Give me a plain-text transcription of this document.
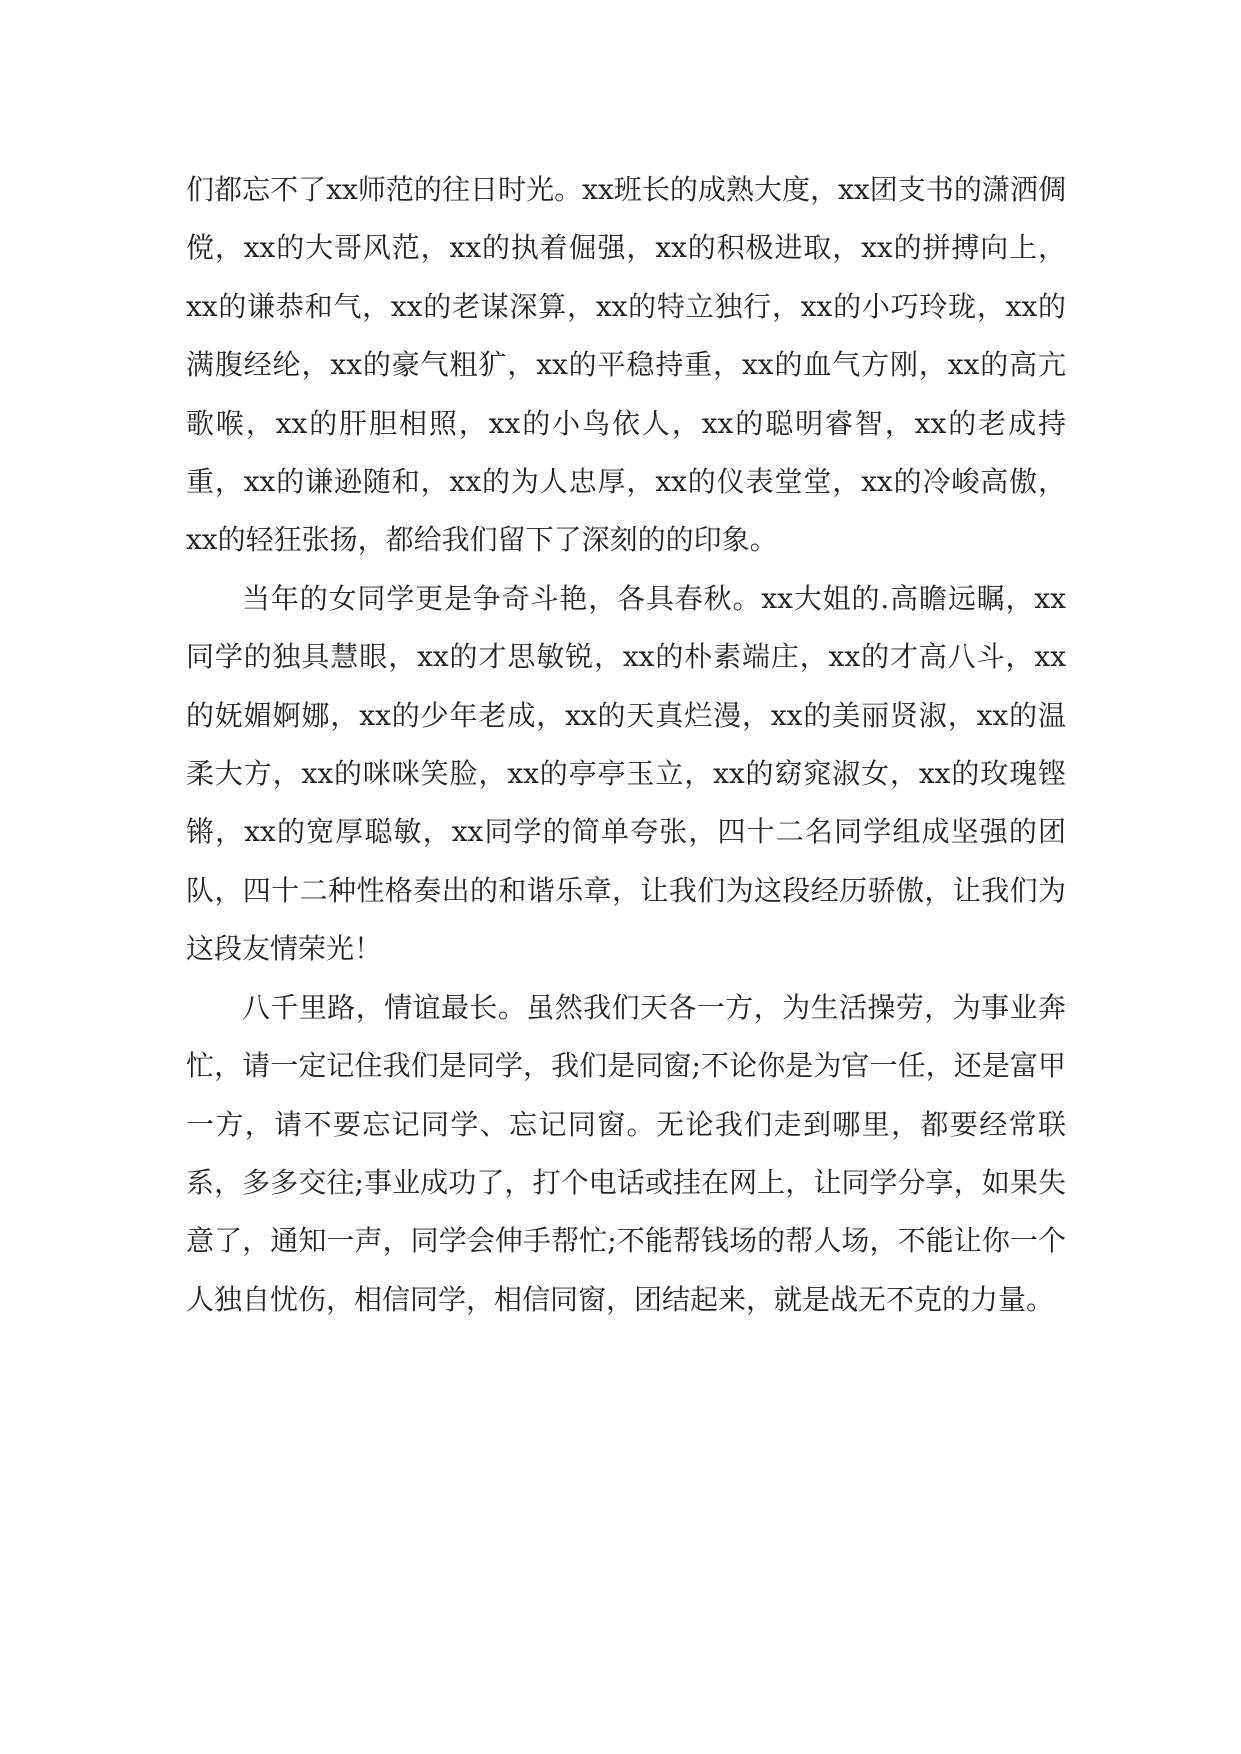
们都忘不了xx师范的往日时光。xx班长的成熟大度，xx团支书的潇洒倜傥，xx的大哥风范，xx的执着倔强，xx的积极进取，xx的拼搏向上，xx的谦恭和气，xx的老谋深算，xx的特立独行，xx的小巧玲珑，xx的满腹经纶，xx的豪气粗犷，xx的平稳持重，xx的血气方刚，xx的高亢歌喉，xx的肝胆相照，xx的小鸟依人，xx的聪明睿智，xx的老成持重，xx的谦逊随和，xx的为人忠厚，xx的仪表堂堂，xx的冷峻高傲，xx的轻狂张扬，都给我们留下了深刻的的印象。

当年的女同学更是争奇斗艳，各具春秋。xx大姐的.高瞻远瞩，xx同学的独具慧眼，xx的才思敏锐，xx的朴素端庄，xx的才高八斗，xx的妩媚婀娜，xx的少年老成，xx的天真烂漫，xx的美丽贤淑，xx的温柔大方，xx的咪咪笑脸，xx的亭亭玉立，xx的窈窕淑女，xx的玫瑰铿锵，xx的宽厚聪敏，xx同学的简单夸张，四十二名同学组成坚强的团队，四十二种性格奏出的和谐乐章，让我们为这段经历骄傲，让我们为这段友情荣光！

八千里路，情谊最长。虽然我们天各一方，为生活操劳，为事业奔忙，请一定记住我们是同学，我们是同窗;不论你是为官一任，还是富甲一方，请不要忘记同学、忘记同窗。无论我们走到哪里，都要经常联系，多多交往;事业成功了，打个电话或挂在网上，让同学分享，如果失意了，通知一声，同学会伸手帮忙;不能帮钱场的帮人场，不能让你一个人独自忧伤，相信同学，相信同窗，团结起来，就是战无不克的力量。
